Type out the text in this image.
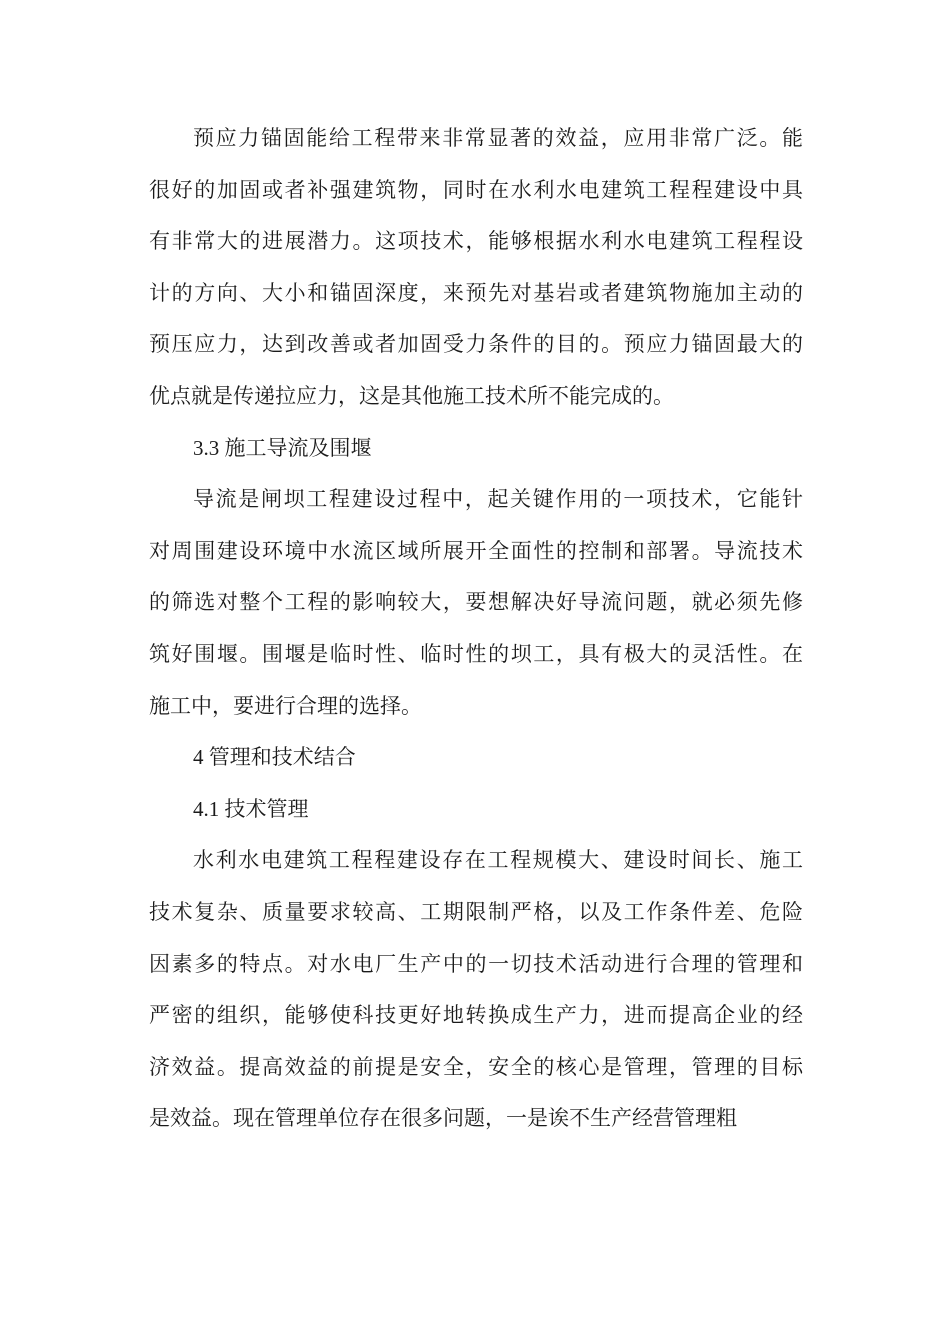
预应力锚固能给工程带来非常显著的效益，应用非常广泛。能
很好的加固或者补强建筑物，同时在水利水电建筑工程程建设中具
有非常大的进展潜力。这项技术，能够根据水利水电建筑工程程设
计的方向、大小和锚固深度，来预先对基岩或者建筑物施加主动的
预压应力，达到改善或者加固受力条件的目的。预应力锚固最大的
优点就是传递拉应力，这是其他施工技术所不能完成的。
3.3 施工导流及围堰
导流是闸坝工程建设过程中，起关键作用的一项技术，它能针
对周围建设环境中水流区域所展开全面性的控制和部署。导流技术
的筛选对整个工程的影响较大，要想解决好导流问题，就必须先修
筑好围堰。围堰是临时性、临时性的坝工，具有极大的灵活性。在
施工中，要进行合理的选择。
4 管理和技术结合
4.1 技术管理
水利水电建筑工程程建设存在工程规模大、建设时间长、施工
技术复杂、质量要求较高、工期限制严格，以及工作条件差、危险
因素多的特点。对水电厂生产中的一切技术活动进行合理的管理和
严密的组织，能够使科技更好地转换成生产力，进而提高企业的经
济效益。提高效益的前提是安全，安全的核心是管理，管理的目标
是效益。现在管理单位存在很多问题，一是诶不生产经营管理粗
